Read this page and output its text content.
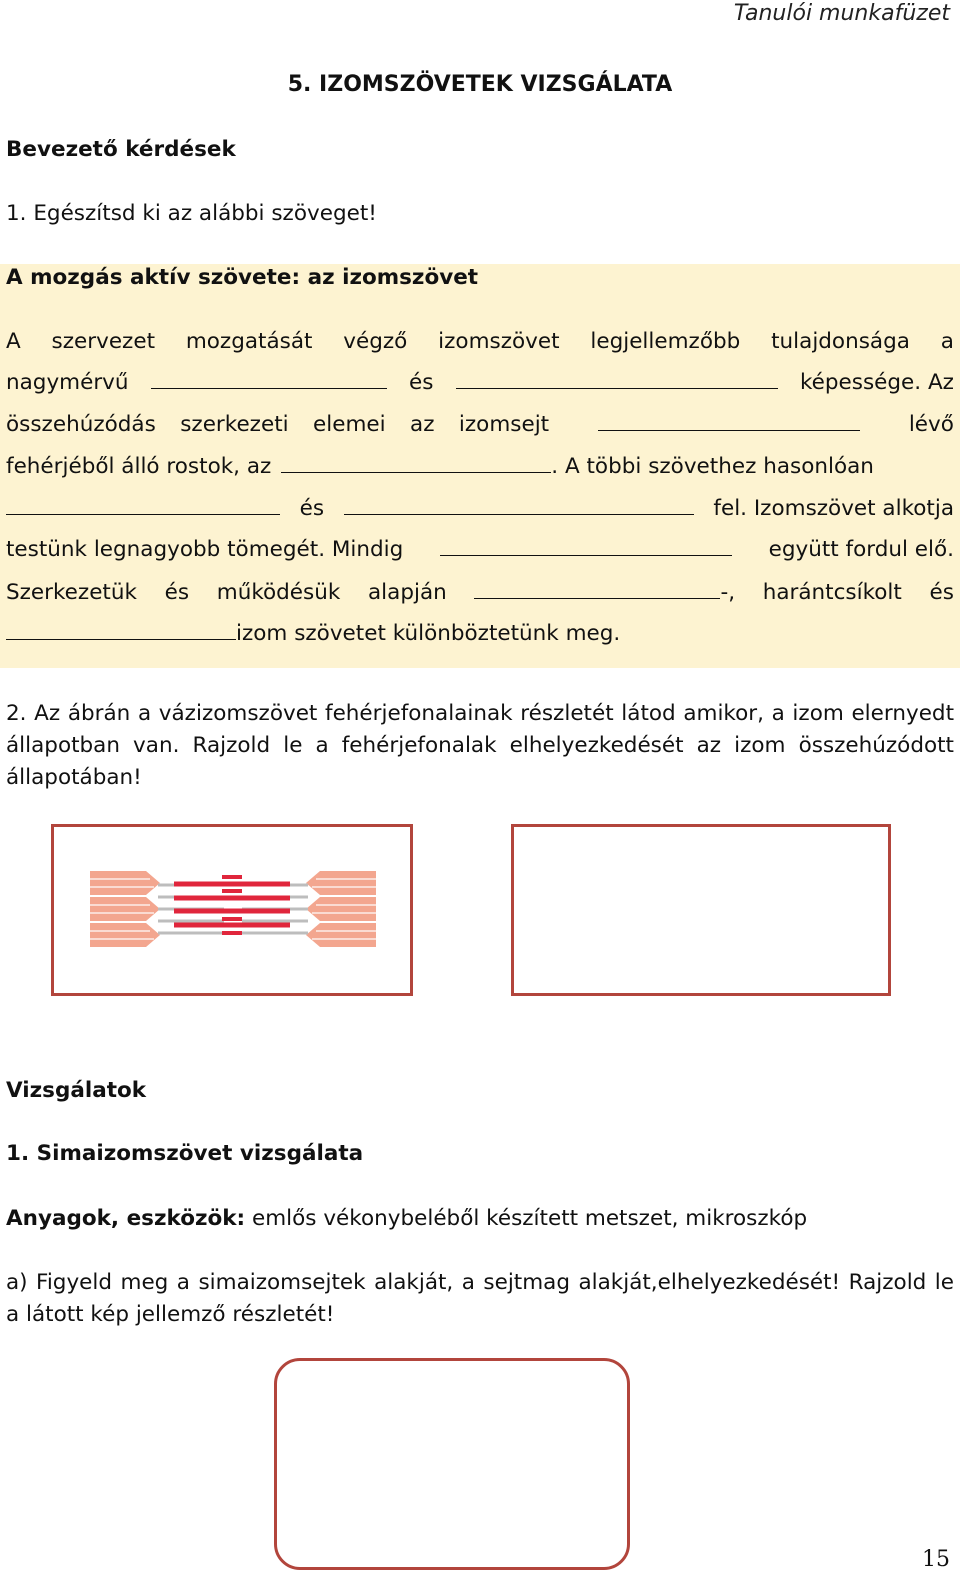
Tanulói munkafüzet
5. IZOMSZÖVETEK VIZSGÁLATA
Bevezető kérdések
1. Egészítsd ki az alábbi szöveget!
A mozgás aktív szövete: az izomszövet
A szervezet mozgatását végző izomszövet legjellemzőbb tulajdonsága a
nagymérvű	és	képessége. Az
összehúzódás szerkezeti elemei az izomsejt	lévő
fehérjéből álló rostok, az	. A többi szövethez hasonlóan
és	fel. Izomszövet alkotja
testünk legnagyobb tömegét. Mindig	együtt fordul elő.
Szerkezetük és működésük alapján	-, harántcsíkolt és
izom szövetet különböztetünk meg.
2. Az ábrán a vázizomszövet fehérjefonalainak részletét látod amikor, a izom elernyedt állapotban van. Rajzold le a fehérjefonalak elhelyezkedését az izom összehúzódott állapotában!
Vizsgálatok
1. Simaizomszövet vizsgálata
Anyagok, eszközök: emlős vékonybeléből készített metszet, mikroszkóp
a) Figyeld meg a simaizomsejtek alakját, a sejtmag alakját,elhelyezkedését! Rajzold le a látott kép jellemző részletét!
15
